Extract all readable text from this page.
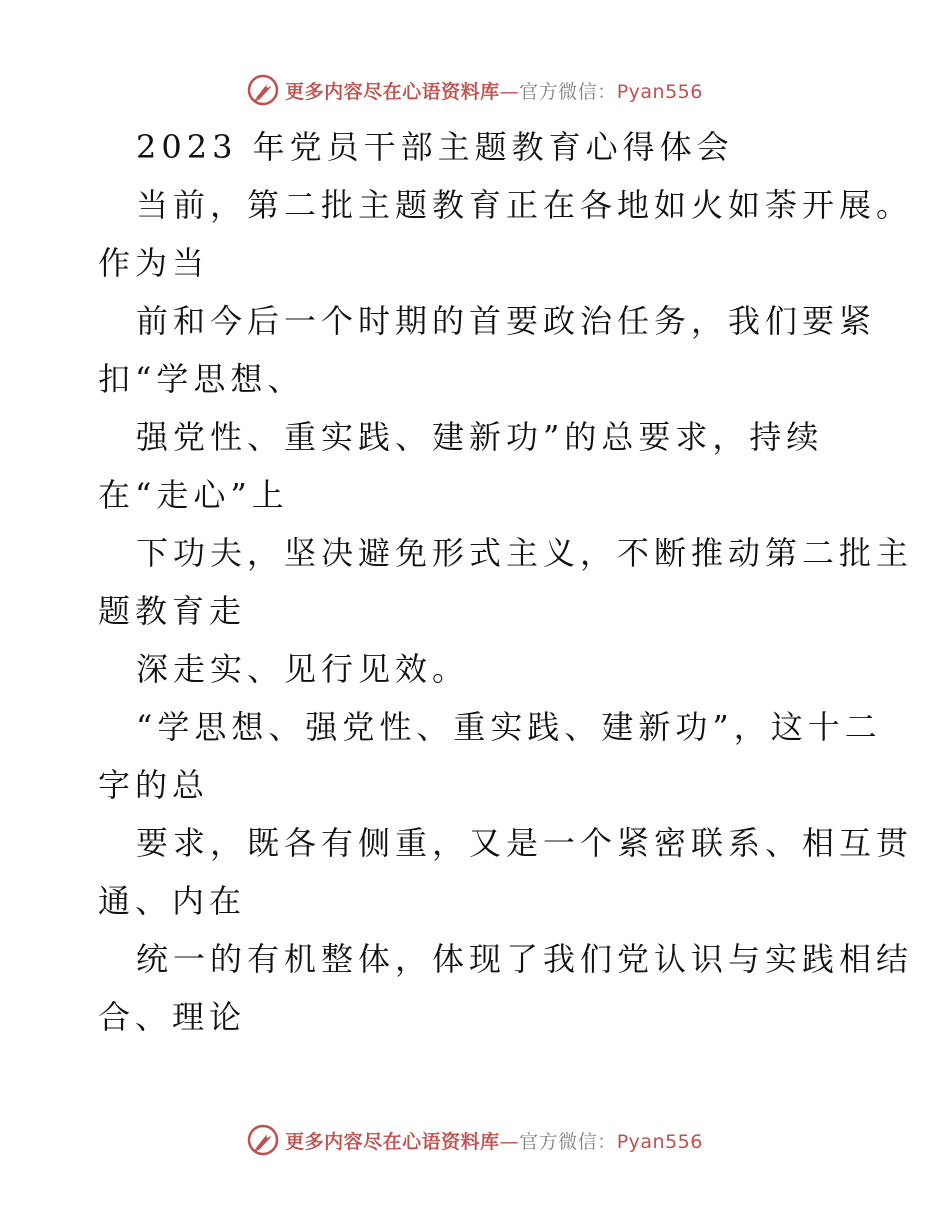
更多内容尽在心语资料库—官方微信：Pyan556
2023 年党员干部主题教育心得体会
当前，第二批主题教育正在各地如火如荼开展。
作为当
前和今后一个时期的首要政治任务，我们要紧
扣“学思想、
强党性、重实践、建新功”的总要求，持续
在“走心”上
下功夫，坚决避免形式主义，不断推动第二批主
题教育走
深走实、见行见效。
“学思想、强党性、重实践、建新功”，这十二
字的总
要求，既各有侧重，又是一个紧密联系、相互贯
通、内在
统一的有机整体，体现了我们党认识与实践相结
合、理论
更多内容尽在心语资料库—官方微信：Pyan556
